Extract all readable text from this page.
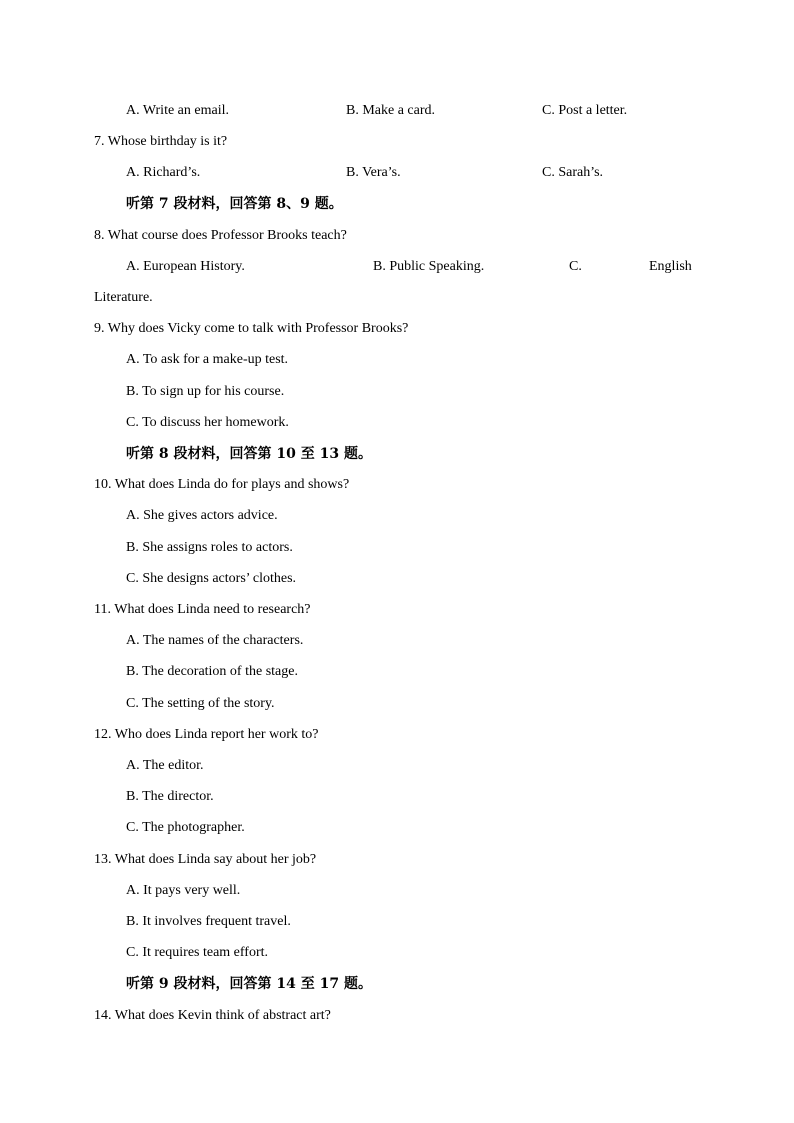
A. Write an email.	B. Make a card.	C. Post a letter.
7. Whose birthday is it?
A. Richard’s.	B. Vera’s.	C. Sarah’s.
听第 7 段材料，回答第 8、9 题。
8. What course does Professor Brooks teach?
A. European History.	B. Public Speaking.	C.	English
Literature.
9. Why does Vicky come to talk with Professor Brooks?
A. To ask for a make-up test.
B. To sign up for his course.
C. To discuss her homework.
听第 8 段材料，回答第 10 至 13 题。
10. What does Linda do for plays and shows?
A. She gives actors advice.
B. She assigns roles to actors.
C. She designs actors’ clothes.
11. What does Linda need to research?
A. The names of the characters.
B. The decoration of the stage.
C. The setting of the story.
12. Who does Linda report her work to?
A. The editor.
B. The director.
C. The photographer.
13. What does Linda say about her job?
A. It pays very well.
B. It involves frequent travel.
C. It requires team effort.
听第 9 段材料，回答第 14 至 17 题。
14. What does Kevin think of abstract art?
